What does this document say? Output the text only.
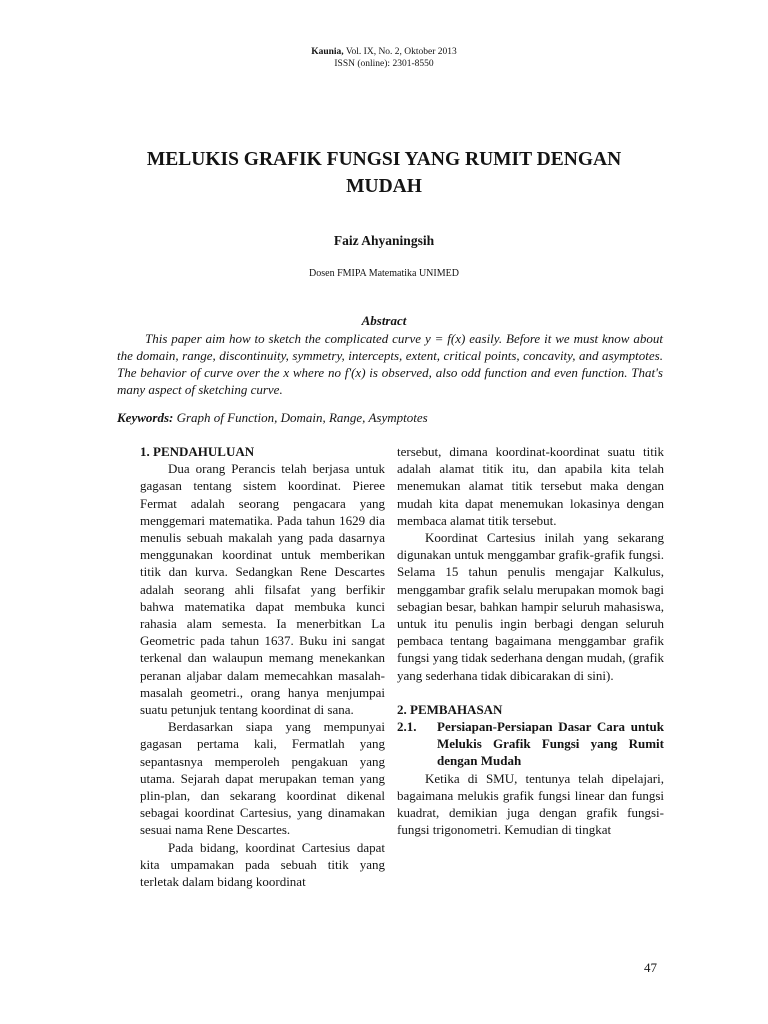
Kaunia, Vol. IX, No. 2, Oktober 2013
ISSN (online): 2301-8550
MELUKIS GRAFIK FUNGSI YANG RUMIT DENGAN MUDAH
Faiz Ahyaningsih
Dosen FMIPA Matematika UNIMED
Abstract

This paper aim how to sketch the complicated curve y = f(x) easily. Before it we must know about the domain, range, discontinuity, symmetry, intercepts, extent, critical points, concavity, and asymptotes. The behavior of curve over the x where no f'(x) is observed, also odd function and even function. That's many aspect of sketching curve.

Keywords: Graph of Function, Domain, Range, Asymptotes

1. PENDAHULUAN

Dua orang Perancis telah berjasa untuk gagasan tentang sistem koordinat. Pieree Fermat adalah seorang pengacara yang menggemari matematika. Pada tahun 1629 dia menulis sebuah makalah yang pada dasarnya menggunakan koordinat untuk memberikan titik dan kurva. Sedangkan Rene Descartes adalah seorang ahli filsafat yang berfikir bahwa matematika dapat membuka kunci rahasia alam semesta. Ia menerbitkan La Geometric pada tahun 1637. Buku ini sangat terkenal dan walaupun memang menekankan peranan aljabar dalam memecahkan masalah-masalah geometri., orang hanya menjumpai suatu petunjuk tentang koordinat di sana.

Berdasarkan siapa yang mempunyai gagasan pertama kali, Fermatlah yang sepantasnya memperoleh pengakuan yang utama. Sejarah dapat merupakan teman yang plin-plan, dan sekarang koordinat dikenal sebagai koordinat Cartesius, yang dinamakan sesuai nama Rene Descartes.

Pada bidang, koordinat Cartesius dapat kita umpamakan pada sebuah titik yang terletak dalam bidang koordinat

tersebut, dimana koordinat-koordinat suatu titik adalah alamat titik itu, dan apabila kita telah menemukan alamat titik tersebut maka dengan mudah kita dapat menemukan lokasinya dengan membaca alamat titik tersebut.

Koordinat Cartesius inilah yang sekarang digunakan untuk menggambar grafik-grafik fungsi. Selama 15 tahun penulis mengajar Kalkulus, menggambar grafik selalu merupakan momok bagi sebagian besar, bahkan hampir seluruh mahasiswa, untuk itu penulis ingin berbagi dengan seluruh pembaca tentang bagaimana menggambar grafik fungsi yang tidak sederhana dengan mudah, (grafik yang sederhana tidak dibicarakan di sini).

2. PEMBAHASAN
2.1.	Persiapan-Persiapan Dasar Cara untuk Melukis Grafik Fungsi yang Rumit dengan Mudah

Ketika di SMU, tentunya telah dipelajari, bagaimana melukis grafik fungsi linear dan fungsi kuadrat, demikian juga dengan grafik fungsi-fungsi trigonometri. Kemudian di tingkat

47
